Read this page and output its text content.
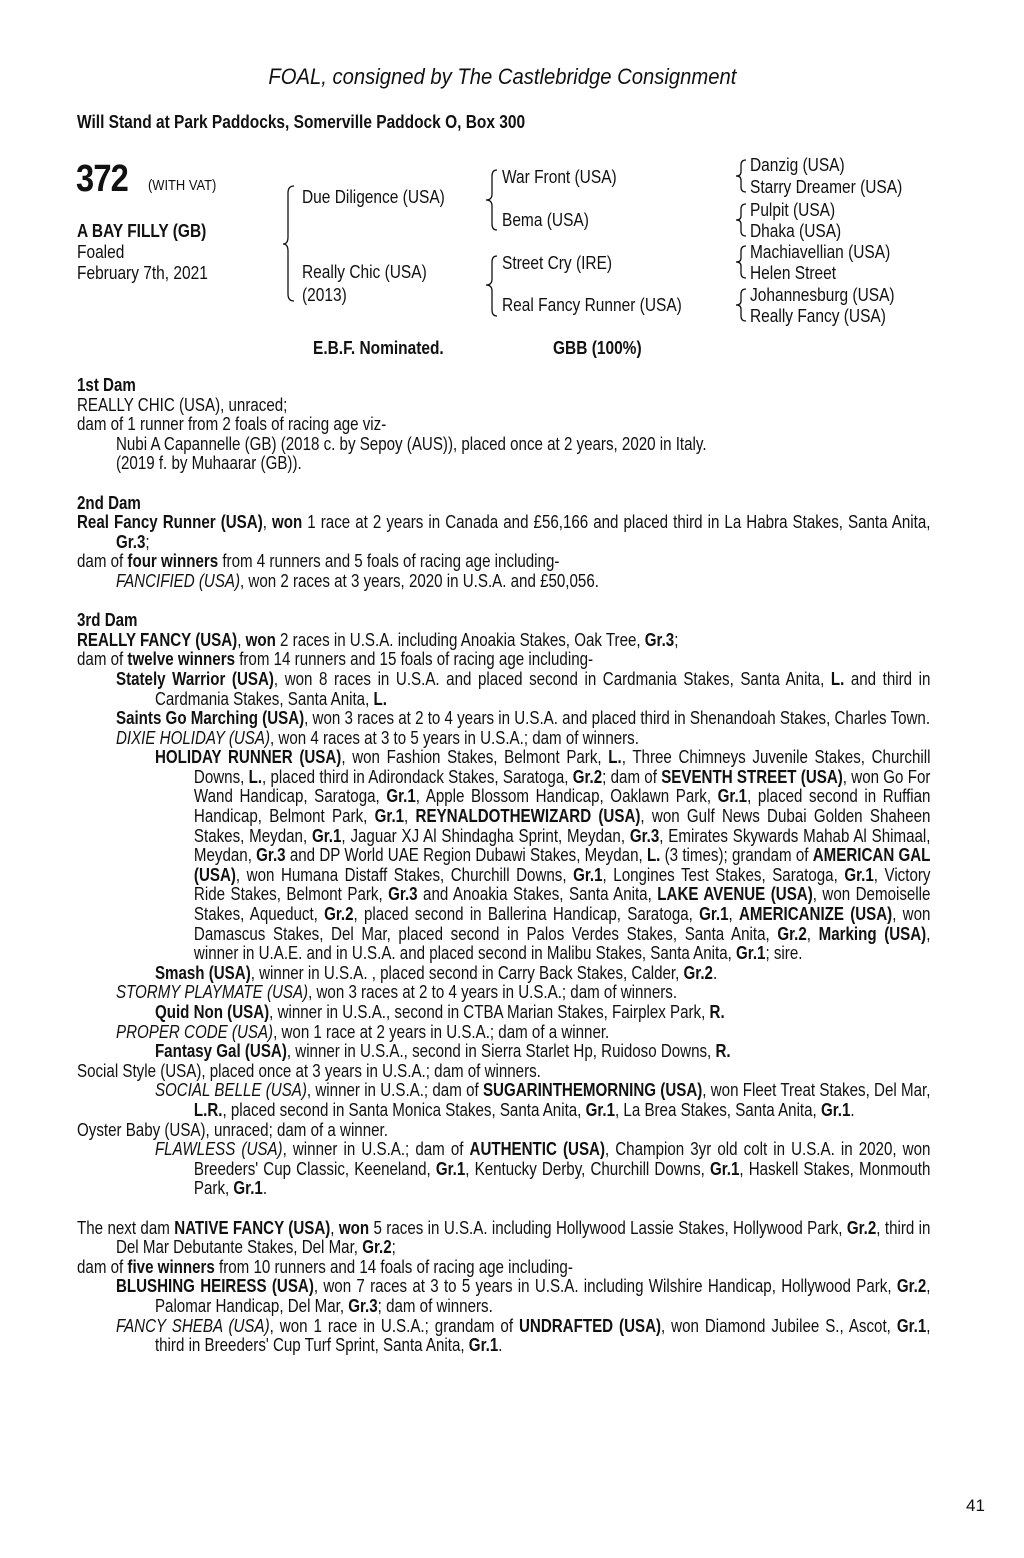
FOAL, consigned by The Castlebridge Consignment
Will Stand at Park Paddocks, Somerville Paddock O, Box 300
372	(WITH VAT)
A BAY FILLY (GB)
Foaled
February 7th, 2021
Due Diligence (USA)
Really Chic (USA)
(2013)
War Front (USA)
Bema (USA)
Street Cry (IRE)
Real Fancy Runner (USA)
Danzig (USA)
Starry Dreamer (USA)
Pulpit (USA)
Dhaka (USA)
Machiavellian (USA)
Helen Street
Johannesburg (USA)
Really Fancy (USA)
E.B.F. Nominated.	GBB (100%)
1st Dam
REALLY CHIC (USA), unraced;
dam of 1 runner from 2 foals of racing age viz-
Nubi A Capannelle (GB) (2018 c. by Sepoy (AUS)), placed once at 2 years, 2020 in Italy.
(2019 f. by Muhaarar (GB)).
2nd Dam
Real Fancy Runner (USA), won 1 race at 2 years in Canada and £56,166 and placed third in La Habra Stakes, Santa Anita, Gr.3;
dam of four winners from 4 runners and 5 foals of racing age including-
FANCIFIED (USA), won 2 races at 3 years, 2020 in U.S.A. and £50,056.
3rd Dam
REALLY FANCY (USA), won 2 races in U.S.A. including Anoakia Stakes, Oak Tree, Gr.3;
dam of twelve winners from 14 runners and 15 foals of racing age including-
Stately Warrior (USA), won 8 races in U.S.A. and placed second in Cardmania Stakes, Santa Anita, L. and third in Cardmania Stakes, Santa Anita, L.
Saints Go Marching (USA), won 3 races at 2 to 4 years in U.S.A. and placed third in Shenandoah Stakes, Charles Town.
DIXIE HOLIDAY (USA), won 4 races at 3 to 5 years in U.S.A.; dam of winners.
HOLIDAY RUNNER (USA), won Fashion Stakes, Belmont Park, L., Three Chimneys Juvenile Stakes, Churchill Downs, L., placed third in Adirondack Stakes, Saratoga, Gr.2; dam of SEVENTH STREET (USA), won Go For Wand Handicap, Saratoga, Gr.1, Apple Blossom Handicap, Oaklawn Park, Gr.1, placed second in Ruffian Handicap, Belmont Park, Gr.1, REYNALDOTHEWIZARD (USA), won Gulf News Dubai Golden Shaheen Stakes, Meydan, Gr.1, Jaguar XJ Al Shindagha Sprint, Meydan, Gr.3, Emirates Skywards Mahab Al Shimaal, Meydan, Gr.3 and DP World UAE Region Dubawi Stakes, Meydan, L. (3 times); grandam of AMERICAN GAL (USA), won Humana Distaff Stakes, Churchill Downs, Gr.1, Longines Test Stakes, Saratoga, Gr.1, Victory Ride Stakes, Belmont Park, Gr.3 and Anoakia Stakes, Santa Anita, LAKE AVENUE (USA), won Demoiselle Stakes, Aqueduct, Gr.2, placed second in Ballerina Handicap, Saratoga, Gr.1, AMERICANIZE (USA), won Damascus Stakes, Del Mar, placed second in Palos Verdes Stakes, Santa Anita, Gr.2, Marking (USA), winner in U.A.E. and in U.S.A. and placed second in Malibu Stakes, Santa Anita, Gr.1; sire.
Smash (USA), winner in U.S.A. , placed second in Carry Back Stakes, Calder, Gr.2.
STORMY PLAYMATE (USA), won 3 races at 2 to 4 years in U.S.A.; dam of winners.
Quid Non (USA), winner in U.S.A., second in CTBA Marian Stakes, Fairplex Park, R.
PROPER CODE (USA), won 1 race at 2 years in U.S.A.; dam of a winner.
Fantasy Gal (USA), winner in U.S.A., second in Sierra Starlet Hp, Ruidoso Downs, R.
Social Style (USA), placed once at 3 years in U.S.A.; dam of winners.
SOCIAL BELLE (USA), winner in U.S.A.; dam of SUGARINTHEMORNING (USA), won Fleet Treat Stakes, Del Mar, L.R., placed second in Santa Monica Stakes, Santa Anita, Gr.1, La Brea Stakes, Santa Anita, Gr.1.
Oyster Baby (USA), unraced; dam of a winner.
FLAWLESS (USA), winner in U.S.A.; dam of AUTHENTIC (USA), Champion 3yr old colt in U.S.A. in 2020, won Breeders' Cup Classic, Keeneland, Gr.1, Kentucky Derby, Churchill Downs, Gr.1, Haskell Stakes, Monmouth Park, Gr.1.
The next dam NATIVE FANCY (USA), won 5 races in U.S.A. including Hollywood Lassie Stakes, Hollywood Park, Gr.2, third in Del Mar Debutante Stakes, Del Mar, Gr.2;
dam of five winners from 10 runners and 14 foals of racing age including-
BLUSHING HEIRESS (USA), won 7 races at 3 to 5 years in U.S.A. including Wilshire Handicap, Hollywood Park, Gr.2, Palomar Handicap, Del Mar, Gr.3; dam of winners.
FANCY SHEBA (USA), won 1 race in U.S.A.; grandam of UNDRAFTED (USA), won Diamond Jubilee S., Ascot, Gr.1, third in Breeders' Cup Turf Sprint, Santa Anita, Gr.1.
41
